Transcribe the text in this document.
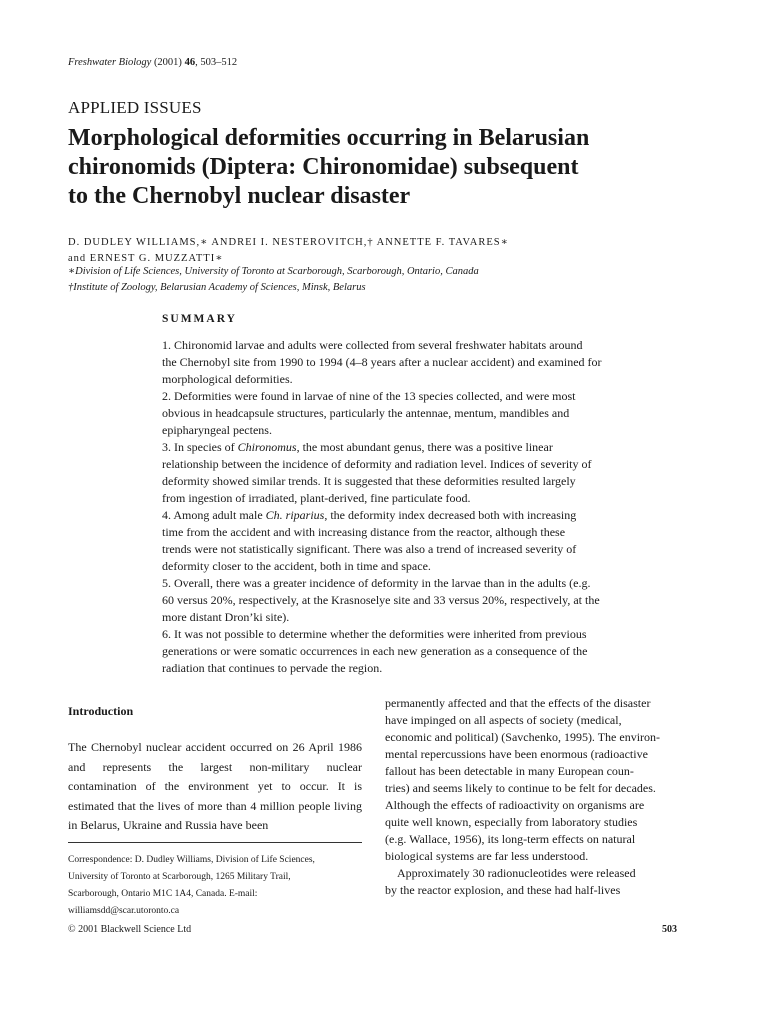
Freshwater Biology (2001) 46, 503–512
APPLIED ISSUES
Morphological deformities occurring in Belarusian
chironomids (Diptera: Chironomidae) subsequent
to the Chernobyl nuclear disaster
D. DUDLEY WILLIAMS,∗ ANDREI I. NESTEROVITCH,† ANNETTE F. TAVARES∗
and ERNEST G. MUZZATTI∗
∗Division of Life Sciences, University of Toronto at Scarborough, Scarborough, Ontario, Canada
†Institute of Zoology, Belarusian Academy of Sciences, Minsk, Belarus
SUMMARY
1. Chironomid larvae and adults were collected from several freshwater habitats around
the Chernobyl site from 1990 to 1994 (4–8 years after a nuclear accident) and examined for
morphological deformities.
2. Deformities were found in larvae of nine of the 13 species collected, and were most
obvious in headcapsule structures, particularly the antennae, mentum, mandibles and
epipharyngeal pectens.
3. In species of Chironomus, the most abundant genus, there was a positive linear
relationship between the incidence of deformity and radiation level. Indices of severity of
deformity showed similar trends. It is suggested that these deformities resulted largely
from ingestion of irradiated, plant-derived, fine particulate food.
4. Among adult male Ch. riparius, the deformity index decreased both with increasing
time from the accident and with increasing distance from the reactor, although these
trends were not statistically significant. There was also a trend of increased severity of
deformity closer to the accident, both in time and space.
5. Overall, there was a greater incidence of deformity in the larvae than in the adults (e.g.
60 versus 20%, respectively, at the Krasnoselye site and 33 versus 20%, respectively, at the
more distant Dron’ki site).
6. It was not possible to determine whether the deformities were inherited from previous
generations or were somatic occurrences in each new generation as a consequence of the
radiation that continues to pervade the region.
Introduction
The Chernobyl nuclear accident occurred on 26 April 1986 and represents the largest non-military nuclear contamination of the environment yet to occur. It is estimated that the lives of more than 4 million people living in Belarus, Ukraine and Russia have been
Correspondence: D. Dudley Williams, Division of Life Sciences,
University of Toronto at Scarborough, 1265 Military Trail,
Scarborough, Ontario M1C 1A4, Canada. E-mail:
williamsdd@scar.utoronto.ca
permanently affected and that the effects of the disaster
have impinged on all aspects of society (medical,
economic and political) (Savchenko, 1995). The environ-
mental repercussions have been enormous (radioactive
fallout has been detectable in many European coun-
tries) and seems likely to continue to be felt for decades.
Although the effects of radioactivity on organisms are
quite well known, especially from laboratory studies
(e.g. Wallace, 1956), its long-term effects on natural
biological systems are far less understood.
Approximately 30 radionucleotides were released
by the reactor explosion, and these had half-lives
© 2001 Blackwell Science Ltd	503
